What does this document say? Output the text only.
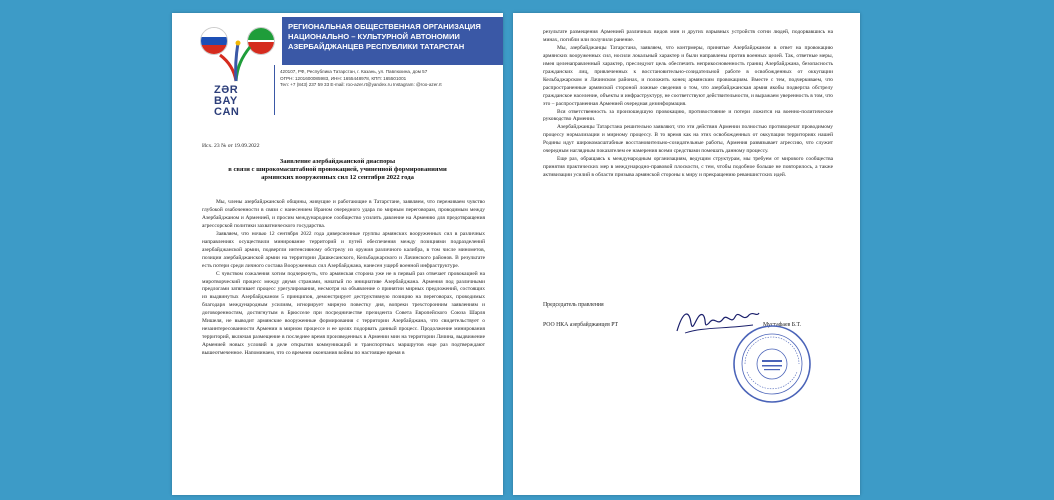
ZƏR
BAY
CAN
РЕГИОНАЛЬНАЯ ОБЩЕСТВЕННАЯ ОРГАНИЗАЦИЯ
НАЦИОНАЛЬНО – КУЛЬТУРНОЙ АВТОНОМИИ
АЗЕРБАЙДЖАНЦЕВ РЕСПУБЛИКИ ТАТАРСТАН
420107, РФ, Республика Татарстан, г. Казань, ул. Павлюхина, дом 57
ОГРН: 1201600085983, ИНН: 1655448978, КПП: 165501001
Тел: +7 (843) 237 59 33 E-mail: roo-azer.rt@yandex.ru Instagram: @roo-azer.rt
Исх. 23 № от 19.09.2022
Заявление азербайджанской диаспоры
в связи с широкомасштабной провокацией, учиненной формированиями
армянских вооруженных сил 12 сентября 2022 года

Мы, члены азербайджанской общины, живущие и работающие в Татарстане, заявляем, что переживаем чувство глубокой озабоченности в связи с нанесением Ираном очередного удара по мирным переговорам, проводимым между Азербайджаном и Арменией, и просим международное сообщество усилить давление на Армению для предотвращения агрессорской политики захватнического государства.

Заявляем, что ночью 12 сентября 2022 года диверсионные группы армянских вооруженных сил в различных направлениях осуществили минирование территорий и путей обеспечения между позициями подразделений азербайджанской армии, подвергли интенсивному обстрелу из оружия различного калибра, в том числе минометов, позиции азербайджанской армии на территории Дашкесанского, Кельбаджарского и Лачинского районов. В результате есть потери среди личного состава Вооруженных сил Азербайджана, нанесен ущерб военной инфраструктуре.

С чувством сожаления хотим подчеркнуть, что армянская сторона уже не в первый раз отвечает провокацией на миротворческий процесс между двумя странами, начатый по инициативе Азербайджана. Армения под различными предлогами затягивает процесс урегулирования, несмотря на объявление о принятии мирных предложений, состоящих из выдвинутых Азербайджаном 5 принципов, демонстрирует деструктивную позицию на переговорах, проводимых благодаря международным усилиям, игнорирует мирную повестку дня, вопреки трехсторонним заявлениям и договоренностям, достигнутым в Брюсселе при посредничестве президента Совета Европейского Союза Шарля Мишеля, не выводит армянские вооруженные формирования с территории Азербайджана, что свидетельствует о незаинтересованности Армении в мирном процессе и ее целях подорвать данный процесс. Продолжение минирования территорий, включая размещение в последнее время произведенных в Армении мин на территории Лачина, выдвижение Арменией новых условий в деле открытия коммуникаций и транспортных маршрутов еще раз подтверждают вышеотмеченное. Напоминаем, что со времени окончания войны по настоящее время в

результате размещения Арменией различных видов мин и других взрывных устройств сотни людей, подорвавшись на минах, погибли или получили ранение.

Мы, азербайджанцы Татарстана, заявляем, что контрмеры, принятые Азербайджаном в ответ на провокацию армянских вооруженных сил, носили локальный характер и были направлены против военных целей. Так, ответные меры, имея целенаправленный характер, преследуют цель обеспечить неприкосновенность границ Азербайджана, безопасность гражданских лиц, привлеченных к восстановительно-созидательной работе в освобожденных от оккупации Кельбаджарском и Лачинском районах, и положить конец армянским провокациям. Вместе с тем, подчеркиваем, что распространенные армянской стороной ложные сведения о том, что азербайджанская армия якобы подвергла обстрелу гражданское население, объекты и инфраструктуру, не соответствуют действительности, и выражаем уверенность в том, что это – распространенная Арменией очередная дезинформация.

Вся ответственность за произошедшую провокацию, противостояние и потери ложится на военно-политическое руководство Армении.

Азербайджанцы Татарстана решительно заявляют, что эти действия Армении полностью противоречат проводимому процессу нормализации и мирному процессу. В то время как на этих освобожденных от оккупации территориях нашей Родины идут широкомасштабные восстановительно-созидательные работы, Армения развязывает агрессию, что служит очередным наглядным показателем ее намерения всеми средствами помешать данному процессу.

Еще раз, обращаясь к международным организациям, ведущим структурам, мы требуем от мирового сообщества принятия практических мер в международно-правовой плоскости, с тем, чтобы подобное больше не повторилось, а также активизации усилий в области призыва армянской стороны к миру и прекращению реваншистских идей.

Председатель правления
РОО НКА азербайджанцев РТ	Мустафаев Б.Т.
